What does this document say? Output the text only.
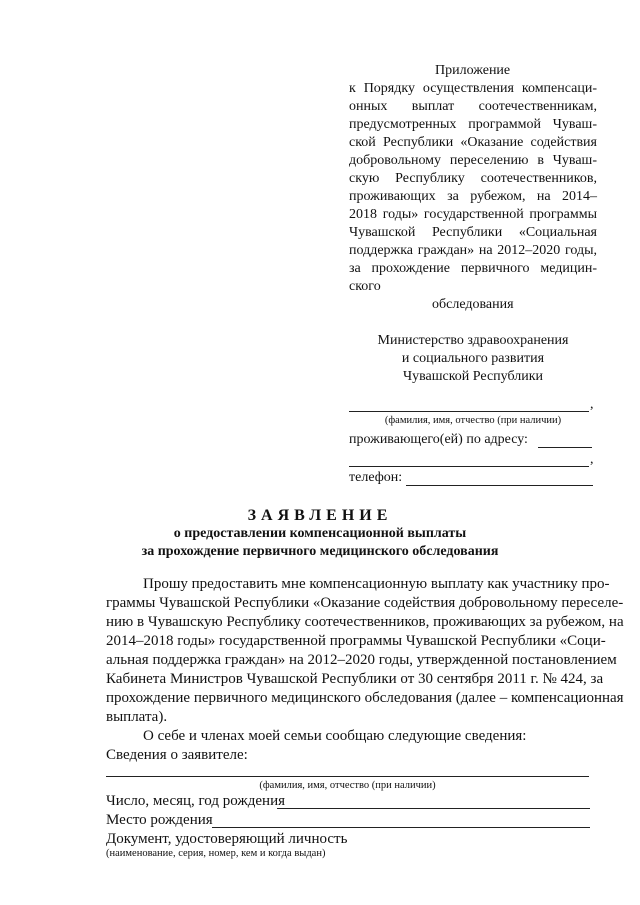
Приложение
к Порядку осуществления компенсаци-
онных выплат соотечественникам,
предусмотренных программой Чуваш-
ской Республики «Оказание содействия
добровольному переселению в Чуваш-
скую Республику соотечественников,
проживающих за рубежом, на 2014–
2018 годы» государственной программы
Чувашской Республики «Социальная
поддержка граждан» на 2012–2020 годы,
за прохождение первичного медицин-
ского
обследования
Министерство здравоохранения
и социального развития
Чувашской Республики
,
(фамилия, имя, отчество (при наличии)
проживающего(ей) по адресу:
,
телефон:
ЗАЯВЛЕНИЕ
о предоставлении компенсационной выплаты
за прохождение первичного медицинского обследования
Прошу предоставить мне компенсационную выплату как участнику про-
граммы Чувашской Республики «Оказание содействия добровольному переселе-
нию в Чувашскую Республику соотечественников, проживающих за рубежом, на
2014–2018 годы» государственной программы Чувашской Республики «Соци-
альная поддержка граждан» на 2012–2020 годы, утвержденной постановлением
Кабинета Министров Чувашской Республики от 30 сентября 2011 г. № 424, за
прохождение первичного медицинского обследования (далее – компенсационная
выплата).
О себе и членах моей семьи сообщаю следующие сведения:
Сведения о заявителе:
(фамилия, имя, отчество (при наличии)
Число, месяц, год рождения
Место рождения
Документ, удостоверяющий личность
(наименование, серия, номер, кем и когда выдан)
